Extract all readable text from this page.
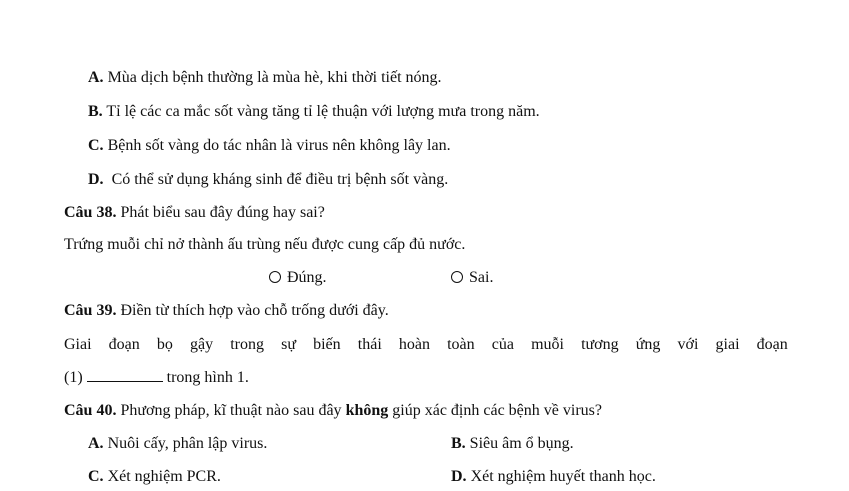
A. Mùa dịch bệnh thường là mùa hè, khi thời tiết nóng.
B. Tỉ lệ các ca mắc sốt vàng tăng tỉ lệ thuận với lượng mưa trong năm.
C. Bệnh sốt vàng do tác nhân là virus nên không lây lan.
D. Có thể sử dụng kháng sinh để điều trị bệnh sốt vàng.
Câu 38. Phát biểu sau đây đúng hay sai?
Trứng muỗi chỉ nở thành ấu trùng nếu được cung cấp đủ nước.
Đúng.	Sai.
Câu 39. Điền từ thích hợp vào chỗ trống dưới đây.
Giai đoạn bọ gậy trong sự biến thái hoàn toàn của muỗi tương ứng với giai đoạn
(1)	trong hình 1.
Câu 40. Phương pháp, kĩ thuật nào sau đây không giúp xác định các bệnh về virus?
A. Nuôi cấy, phân lập virus.	B. Siêu âm ổ bụng.
C. Xét nghiệm PCR.	D. Xét nghiệm huyết thanh học.
